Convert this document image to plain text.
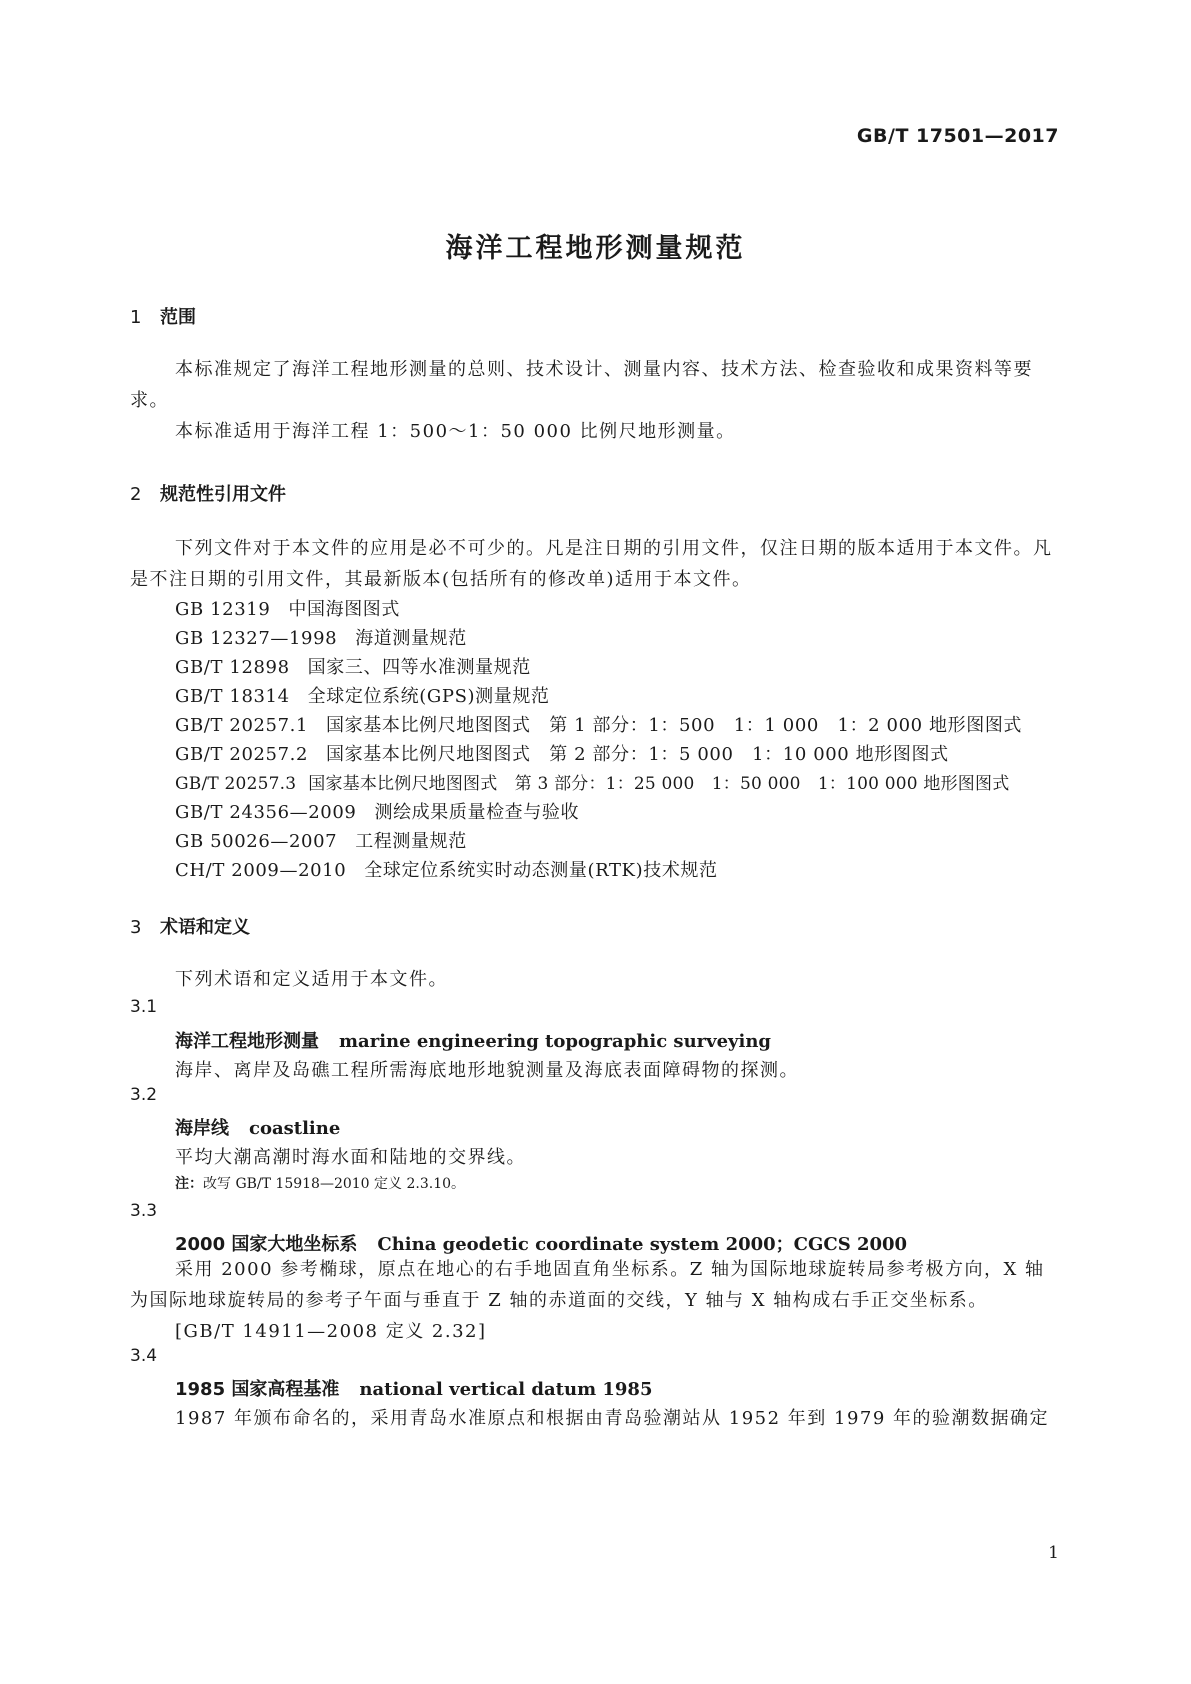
GB/T 17501—2017
海洋工程地形测量规范
1 范围
本标准规定了海洋工程地形测量的总则、技术设计、测量内容、技术方法、检查验收和成果资料等要求。
本标准适用于海洋工程 1：500～1：50 000 比例尺地形测量。
2 规范性引用文件
下列文件对于本文件的应用是必不可少的。凡是注日期的引用文件，仅注日期的版本适用于本文件。凡是不注日期的引用文件，其最新版本(包括所有的修改单)适用于本文件。
GB 12319 中国海图图式
GB 12327—1998 海道测量规范
GB/T 12898 国家三、四等水准测量规范
GB/T 18314 全球定位系统(GPS)测量规范
GB/T 20257.1 国家基本比例尺地图图式　第 1 部分：1：500　1：1 000　1：2 000 地形图图式
GB/T 20257.2 国家基本比例尺地图图式　第 2 部分：1：5 000　1：10 000 地形图图式
GB/T 20257.3 国家基本比例尺地图图式　第 3 部分：1：25 000　1：50 000　1：100 000 地形图图式
GB/T 24356—2009 测绘成果质量检查与验收
GB 50026—2007 工程测量规范
CH/T 2009—2010 全球定位系统实时动态测量(RTK)技术规范
3 术语和定义
下列术语和定义适用于本文件。
3.1
海洋工程地形测量 marine engineering topographic surveying
海岸、离岸及岛礁工程所需海底地形地貌测量及海底表面障碍物的探测。
3.2
海岸线 coastline
平均大潮高潮时海水面和陆地的交界线。
注：改写 GB/T 15918—2010 定义 2.3.10。
3.3
2000 国家大地坐标系 China geodetic coordinate system 2000；CGCS 2000
采用 2000 参考椭球，原点在地心的右手地固直角坐标系。Z 轴为国际地球旋转局参考极方向，X 轴为国际地球旋转局的参考子午面与垂直于 Z 轴的赤道面的交线，Y 轴与 X 轴构成右手正交坐标系。
[GB/T 14911—2008 定义 2.32]
3.4
1985 国家高程基准 national vertical datum 1985
1987 年颁布命名的，采用青岛水准原点和根据由青岛验潮站从 1952 年到 1979 年的验潮数据确定
1
